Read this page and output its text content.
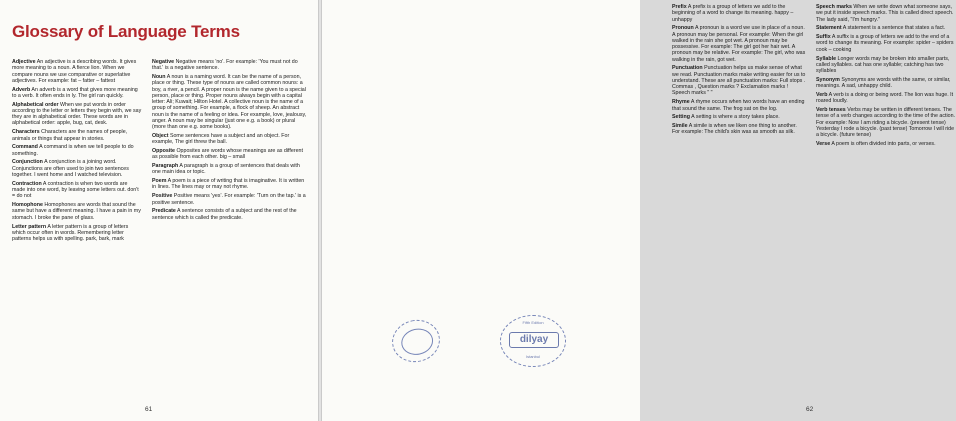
Glossary of Language Terms
Adjective An adjective is a describing words. It gives more meaning to a noun. A fierce lion. When we compare nouns we use comparative or superlative adjectives. For example: fat – fatter – fattest
Adverb An adverb is a word that gives more meaning to a verb. It often ends in ly. The girl ran quickly.
Alphabetical order When we put words in order according to the letter or letters they begin with, we say they are in alphabetical order. These words are in alphabetical order: apple, bug, cat, desk.
Characters Characters are the names of people, animals or things that appear in stories.
Command A command is when we tell people to do something.
Conjunction A conjunction is a joining word. Conjunctions are often used to join two sentences together. I went home and I watched television.
Contraction A contraction is when two words are made into one word, by leaving some letters out. don't = do not
Homophone Homophones are words that sound the same but have a different meaning. I have a pain in my stomach. I broke the pane of glass.
Letter pattern A letter pattern is a group of letters which occur often in words. Remembering letter patterns helps us with spelling. park, bark, mark
Negative Negative means 'no'. For example: 'You must not do that.' is a negative sentence.
Noun A noun is a naming word. It can be the name of a person, place or thing. These type of nouns are called common nouns: a boy, a river, a pencil. A proper noun is the name given to a special person, place or thing. Proper nouns always begin with a capital letter: Ali; Kuwait; Hilton Hotel. A collective noun is the name of a group of something. For example, a flock of sheep. An abstract noun is the name of a feeling or idea. For example, love, jealousy, anger. A noun may be singular (just one e.g. a book) or plural (more than one e.g. some books).
Object Some sentences have a subject and an object. For example, The girl threw the ball.
Opposite Opposites are words whose meanings are as different as possible from each other. big – small
Paragraph A paragraph is a group of sentences that deals with one main idea or topic.
Poem A poem is a piece of writing that is imaginative. It is written in lines. The lines may or may not rhyme.
Positive Positive means 'yes'. For example: 'Turn on the tap.' is a positive sentence.
Predicate A sentence consists of a subject and the rest of the sentence which is called the predicate.
61
Prefix A prefix is a group of letters we add to the beginning of a word to change its meaning. happy – unhappy
Pronoun A pronoun is a word we use in place of a noun. A pronoun may be personal. For example: When the girl walked in the rain she got wet. A pronoun may be possessive. For example: The girl got her hair wet. A pronoun may be relative. For example: The girl, who was walking in the rain, got wet.
Punctuation Punctuation helps us make sense of what we read. Punctuation marks make writing easier for us to understand. These are all punctuation marks: Full stops . Commas , Question marks ? Exclamation marks ! Speech marks " "
Rhyme A rhyme occurs when two words have an ending that sound the same. The frog sat on the log.
Setting A setting is where a story takes place.
Simile A simile is when we liken one thing to another. For example: The child's skin was as smooth as silk.
Speech marks When we write down what someone says, we put it inside speech marks. This is called direct speech. The lady said, "I'm hungry."
Statement A statement is a sentence that states a fact.
Suffix A suffix is a group of letters we add to the end of a word to change its meaning. For example: spider – spiders cook – cooking
Syllable Longer words may be broken into smaller parts, called syllables. cat has one syllable; catching has two syllables
Synonym Synonyms are words with the same, or similar, meanings. A sad, unhappy child.
Verb A verb is a doing or being word. The lion was huge. It roared loudly.
Verb tenses Verbs may be written in different tenses. The tense of a verb changes according to the time of the action. For example: Now I am riding a bicycle. (present tense) Yesterday I rode a bicycle. (past tense) Tomorrow I will ride a bicycle. (future tense)
Verse A poem is often divided into parts, or verses.
62
Fifth Edition
dilyay
Istanbul
